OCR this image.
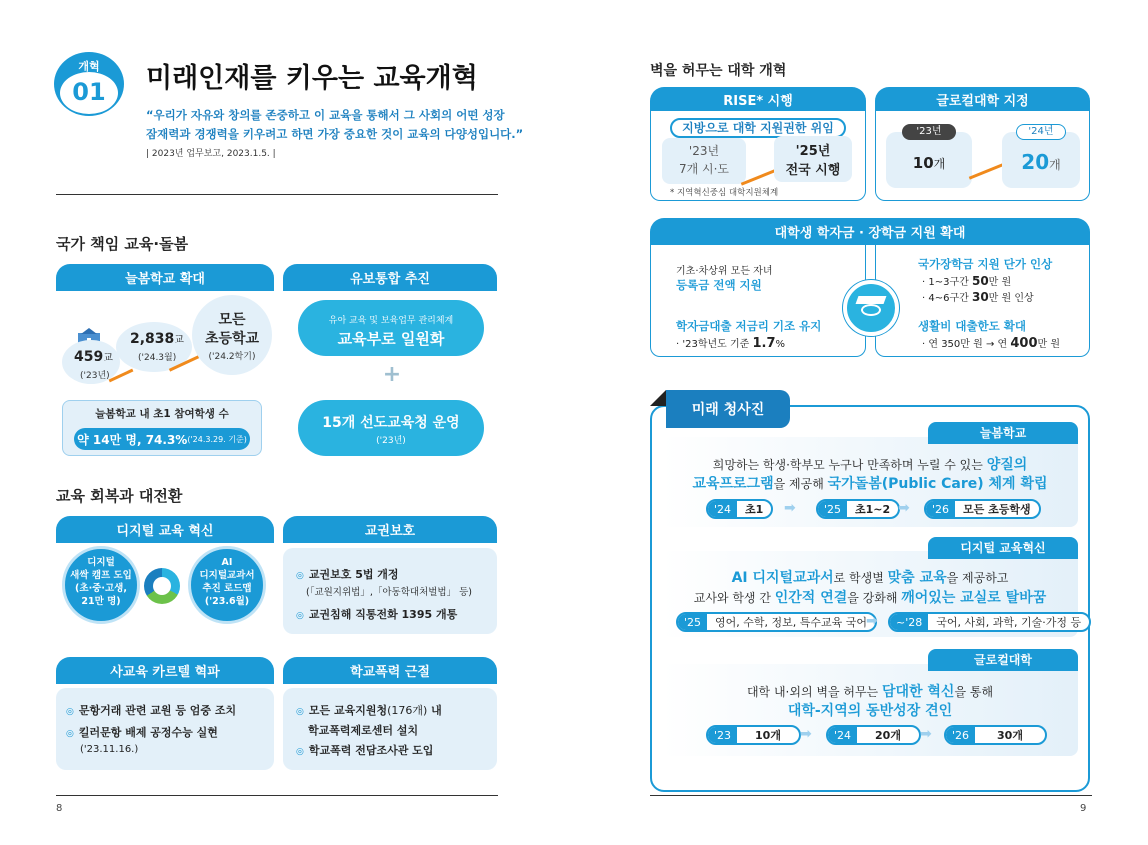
개혁
01	미래인재를 키우는 교육개혁
“우리가 자유와 창의를 존중하고 이 교육을 통해서 그 사회의 어떤 성장
잠재력과 경쟁력을 키우려고 하면 가장 중요한 것이 교육의 다양성입니다.”
| 2023년 업무보고, 2023.1.5. |
국가 책임 교육·돌봄
늘봄학교 확대	유보통합 추진
459교
('23년)
2,838교
('24.3월)
모든
초등학교
('24.2학기)
늘봄학교 내 초1 참여학생 수
약 14만 명, 74.3% ('24.3.29. 기준)
유아 교육 및 보육업무 관리체계
교육부로 일원화
+
15개 선도교육청 운영
('23년)
교육 회복과 대전환
디지털 교육 혁신	교권보호
디지털
새싹 캠프 도입
(초·중·고생,
21만 명)
AI
디지털교과서
추진 로드맵
('23.6월)
◎ 교권보호 5법 개정
(「교원지위법」,「아동학대처벌법」 등)
◎ 교권침해 직통전화 1395 개통
사교육 카르텔 혁파	학교폭력 근절
◎ 문항거래 관련 교원 등 엄중 조치
◎ 킬러문항 배제 공정수능 실현
('23.11.16.)
◎ 모든 교육지원청(176개) 내
학교폭력제로센터 설치
◎ 학교폭력 전담조사관 도입
8
벽을 허무는 대학 개혁
RISE* 시행	글로컬대학 지정
지방으로 대학 지원권한 위임
'23년
7개 시·도
'25년
전국 시행
* 지역혁신중심 대학지원체계
'23년
10개
'24년
20개
대학생 학자금 · 장학금 지원 확대
기초·차상위 모든 자녀
등록금 전액 지원
학자금대출 저금리 기조 유지
· '23학년도 기준 1.7%
국가장학금 지원 단가 인상
· 1~3구간 50만 원
· 4~6구간 30만 원 인상
생활비 대출한도 확대
· 연 350만 원 → 연 400만 원
미래 청사진
늘봄학교
희망하는 학생·학부모 누구나 만족하며 누릴 수 있는 양질의
교육프로그램을 제공해 국가돌봄(Public Care) 체계 확립
'24	초1	➡	'25	초1~2 ➡	'26	모든 초등학생
디지털 교육혁신
AI 디지털교과서로 학생별 맞춤 교육을 제공하고
교사와 학생 간 인간적 연결을 강화해 깨어있는 교실로 탈바꿈
'25	영어, 수학, 정보, 특수교육 국어
➡	~'28	국어, 사회, 과학, 기술·가정 등
글로컬대학
대학 내·외의 벽을 허무는 담대한 혁신을 통해
대학-지역의 동반성장 견인
'23	10개	➡	'24	20개	➡	'26	30개
9
